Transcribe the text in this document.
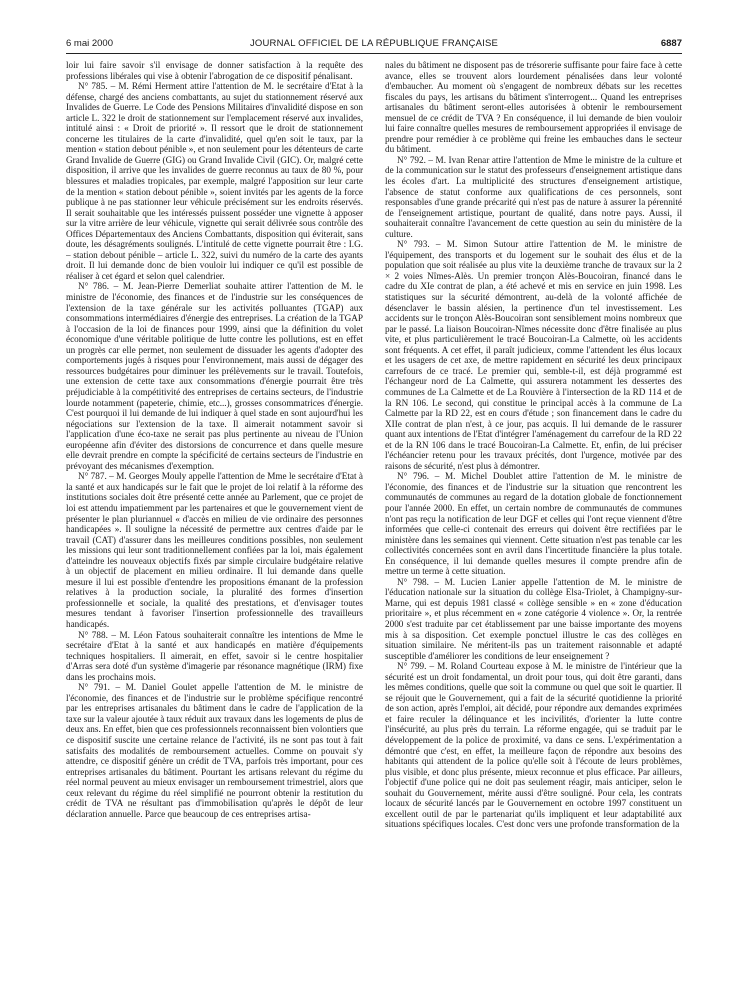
6 mai 2000	JOURNAL OFFICIEL DE LA RÉPUBLIQUE FRANÇAISE	6887

loir lui faire savoir s'il envisage de donner satisfaction à la requête des professions libérales qui vise à obtenir l'abrogation de ce dispositif pénalisant.

N° 785. – M. Rémi Herment attire l'attention de M. le secrétaire d'Etat à la défense, chargé des anciens combattants, au sujet du stationnement réservé aux Invalides de Guerre. Le Code des Pensions Militaires d'invalidité dispose en son article L. 322 le droit de stationnement sur l'emplacement réservé aux invalides, intitulé ainsi : « Droit de priorité ». Il ressort que le droit de stationnement concerne les titulaires de la carte d'invalidité, quel qu'en soit le taux, par la mention « station debout pénible », et non seulement pour les détenteurs de carte Grand Invalide de Guerre (GIG) ou Grand Invalide Civil (GIC). Or, malgré cette disposition, il arrive que les invalides de guerre reconnus au taux de 80 %, pour blessures et maladies tropicales, par exemple, malgré l'apposition sur leur carte de la mention « station debout pénible », soient invités par les agents de la force publique à ne pas stationner leur véhicule précisément sur les endroits réservés. Il serait souhaitable que les intéressés puissent posséder une vignette à apposer sur la vitre arrière de leur véhicule, vignette qui serait délivrée sous contrôle des Offices Départementaux des Anciens Combattants, disposition qui éviterait, sans doute, les désagréments soulignés. L'intitulé de cette vignette pourrait être : I.G. – station debout pénible – article L. 322, suivi du numéro de la carte des ayants droit. Il lui demande donc de bien vouloir lui indiquer ce qu'il est possible de réaliser à cet égard et selon quel calendrier.

N° 786. – M. Jean-Pierre Demerliat souhaite attirer l'attention de M. le ministre de l'économie, des finances et de l'industrie sur les conséquences de l'extension de la taxe générale sur les activités polluantes (TGAP) aux consommations intermédiaires d'énergie des entreprises. La création de la TGAP à l'occasion de la loi de finances pour 1999, ainsi que la définition du volet économique d'une véritable politique de lutte contre les pollutions, est en effet un progrès car elle permet, non seulement de dissuader les agents d'adopter des comportements jugés à risques pour l'environnement, mais aussi de dégager des ressources budgétaires pour diminuer les prélèvements sur le travail. Toutefois, une extension de cette taxe aux consommations d'énergie pourrait être très préjudiciable à la compétitivité des entreprises de certains secteurs, de l'industrie lourde notamment (papeterie, chimie, etc...), grosses consommatrices d'énergie. C'est pourquoi il lui demande de lui indiquer à quel stade en sont aujourd'hui les négociations sur l'extension de la taxe. Il aimerait notamment savoir si l'application d'une éco-taxe ne serait pas plus pertinente au niveau de l'Union européenne afin d'éviter des distorsions de concurrence et dans quelle mesure elle devrait prendre en compte la spécificité de certains secteurs de l'industrie en prévoyant des mécanismes d'exemption.

N° 787. – M. Georges Mouly appelle l'attention de Mme le secrétaire d'Etat à la santé et aux handicapés sur le fait que le projet de loi relatif à la réforme des institutions sociales doit être présenté cette année au Parlement, que ce projet de loi est attendu impatiemment par les partenaires et que le gouvernement vient de présenter le plan pluriannuel « d'accès en milieu de vie ordinaire des personnes handicapées ». Il souligne la nécessité de permettre aux centres d'aide par le travail (CAT) d'assurer dans les meilleures conditions possibles, non seulement les missions qui leur sont traditionnellement confiées par la loi, mais également d'atteindre les nouveaux objectifs fixés par simple circulaire budgétaire relative à un objectif de placement en milieu ordinaire. Il lui demande dans quelle mesure il lui est possible d'entendre les propositions émanant de la profession relatives à la production sociale, la pluralité des formes d'insertion professionnelle et sociale, la qualité des prestations, et d'envisager toutes mesures tendant à favoriser l'insertion professionnelle des travailleurs handicapés.

N° 788. – M. Léon Fatous souhaiterait connaître les intentions de Mme le secrétaire d'Etat à la santé et aux handicapés en matière d'équipements techniques hospitaliers. Il aimerait, en effet, savoir si le centre hospitalier d'Arras sera doté d'un système d'imagerie par résonance magnétique (IRM) fixe dans les prochains mois.

N° 791. – M. Daniel Goulet appelle l'attention de M. le ministre de l'économie, des finances et de l'industrie sur le problème spécifique rencontré par les entreprises artisanales du bâtiment dans le cadre de l'application de la taxe sur la valeur ajoutée à taux réduit aux travaux dans les logements de plus de deux ans. En effet, bien que ces professionnels reconnaissent bien volontiers que ce dispositif suscite une certaine relance de l'activité, ils ne sont pas tout à fait satisfaits des modalités de remboursement actuelles. Comme on pouvait s'y attendre, ce dispositif génère un crédit de TVA, parfois très important, pour ces entreprises artisanales du bâtiment. Pourtant les artisans relevant du régime du réel normal peuvent au mieux envisager un remboursement trimestriel, alors que ceux relevant du régime du réel simplifié ne pourront obtenir la restitution du crédit de TVA ne résultant pas d'immobilisation qu'après le dépôt de leur déclaration annuelle. Parce que beaucoup de ces entreprises artisa-

nales du bâtiment ne disposent pas de trésorerie suffisante pour faire face à cette avance, elles se trouvent alors lourdement pénalisées dans leur volonté d'embaucher. Au moment où s'engagent de nombreux débats sur les recettes fiscales du pays, les artisans du bâtiment s'interrogent... Quand les entreprises artisanales du bâtiment seront-elles autorisées à obtenir le remboursement mensuel de ce crédit de TVA ? En conséquence, il lui demande de bien vouloir lui faire connaître quelles mesures de remboursement appropriées il envisage de prendre pour remédier à ce problème qui freine les embauches dans le secteur du bâtiment.

N° 792. – M. Ivan Renar attire l'attention de Mme le ministre de la culture et de la communication sur le statut des professeurs d'enseignement artistique dans les écoles d'art. La multiplicité des structures d'enseignement artistique, l'absence de statut conforme aux qualifications de ces personnels, sont responsables d'une grande précarité qui n'est pas de nature à assurer la pérennité de l'enseignement artistique, pourtant de qualité, dans notre pays. Aussi, il souhaiterait connaître l'avancement de cette question au sein du ministère de la culture.

N° 793. – M. Simon Sutour attire l'attention de M. le ministre de l'équipement, des transports et du logement sur le souhait des élus et de la population que soit réalisée au plus vite la deuxième tranche de travaux sur la 2 × 2 voies Nîmes-Alès. Un premier tronçon Alès-Boucoiran, financé dans le cadre du XIe contrat de plan, a été achevé et mis en service en juin 1998. Les statistiques sur la sécurité démontrent, au-delà de la volonté affichée de désenclaver le bassin alésien, la pertinence d'un tel investissement. Les accidents sur le tronçon Alès-Boucoiran sont sensiblement moins nombreux que par le passé. La liaison Boucoiran-Nîmes nécessite donc d'être finalisée au plus vite, et plus particulièrement le tracé Boucoiran-La Calmette, où les accidents sont fréquents. A cet effet, il paraît judicieux, comme l'attendent les élus locaux et les usagers de cet axe, de mettre rapidement en sécurité les deux principaux carrefours de ce tracé. Le premier qui, semble-t-il, est déjà programmé est l'échangeur nord de La Calmette, qui assurera notamment les dessertes des communes de La Calmette et de La Rouvière à l'intersection de la RD 114 et de la RN 106. Le second, qui constitue le principal accès à la commune de La Calmette par la RD 22, est en cours d'étude ; son financement dans le cadre du XIIe contrat de plan n'est, à ce jour, pas acquis. Il lui demande de le rassurer quant aux intentions de l'Etat d'intégrer l'aménagement du carrefour de la RD 22 et de la RN 106 dans le tracé Boucoiran-La Calmette. Et, enfin, de lui préciser l'échéancier retenu pour les travaux précités, dont l'urgence, motivée par des raisons de sécurité, n'est plus à démontrer.

N° 796. – M. Michel Doublet attire l'attention de M. le ministre de l'économie, des finances et de l'industrie sur la situation que rencontrent les communautés de communes au regard de la dotation globale de fonctionnement pour l'année 2000. En effet, un certain nombre de communautés de communes n'ont pas reçu la notification de leur DGF et celles qui l'ont reçue viennent d'être informées que celle-ci contenait des erreurs qui doivent être rectifiées par le ministère dans les semaines qui viennent. Cette situation n'est pas tenable car les collectivités concernées sont en avril dans l'incertitude financière la plus totale. En conséquence, il lui demande quelles mesures il compte prendre afin de mettre un terme à cette situation.

N° 798. – M. Lucien Lanier appelle l'attention de M. le ministre de l'éducation nationale sur la situation du collège Elsa-Triolet, à Champigny-sur-Marne, qui est depuis 1981 classé « collège sensible » en « zone d'éducation prioritaire », et plus récemment en « zone catégorie 4 violence ». Or, la rentrée 2000 s'est traduite par cet établissement par une baisse importante des moyens mis à sa disposition. Cet exemple ponctuel illustre le cas des collèges en situation similaire. Ne méritent-ils pas un traitement raisonnable et adapté susceptible d'améliorer les conditions de leur enseignement ?

N° 799. – M. Roland Courteau expose à M. le ministre de l'intérieur que la sécurité est un droit fondamental, un droit pour tous, qui doit être garanti, dans les mêmes conditions, quelle que soit la commune ou quel que soit le quartier. Il se réjouit que le Gouvernement, qui a fait de la sécurité quotidienne la priorité de son action, après l'emploi, ait décidé, pour répondre aux demandes exprimées et faire reculer la délinquance et les incivilités, d'orienter la lutte contre l'insécurité, au plus près du terrain. La réforme engagée, qui se traduit par le développement de la police de proximité, va dans ce sens. L'expérimentation a démontré que c'est, en effet, la meilleure façon de répondre aux besoins des habitants qui attendent de la police qu'elle soit à l'écoute de leurs problèmes, plus visible, et donc plus présente, mieux reconnue et plus efficace. Par ailleurs, l'objectif d'une police qui ne doit pas seulement réagir, mais anticiper, selon le souhait du Gouvernement, mérite aussi d'être souligné. Pour cela, les contrats locaux de sécurité lancés par le Gouvernement en octobre 1997 constituent un excellent outil de par le partenariat qu'ils impliquent et leur adaptabilité aux situations spécifiques locales. C'est donc vers une profonde transformation de la
